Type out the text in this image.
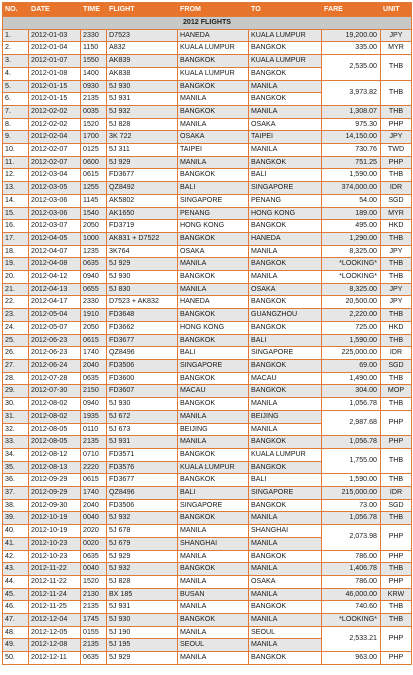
NO.	DATE	TIME	FLIGHT	FROM	TO	FARE	UNIT
2012 FLIGHTS							
1.	2012-01-03	2330	D7523	HANEDA	KUALA LUMPUR	19,200.00	JPY
2.	2012-01-04	1150	A832	KUALA LUMPUR	BANGKOK	335.00	MYR
3.	2012-01-07	1550	AK839	BANGKOK	KUALA LUMPUR	2,535.00	THB
4.	2012-01-08	1400	AK838	KUALA LUMPUR	BANGKOK		
5.	2012-01-15	0930	5J 930	BANGKOK	MANILA	3,973.82	THB
6.	2012-01-15	2135	5J 931	MANILA	BANGKOK		
7.	2012-02-02	0035	5J 932	BANGKOK	MANILA	1,308.07	THB
8.	2012-02-02	1520	5J 828	MANILA	OSAKA	975.30	PHP
9.	2012-02-04	1700	3K 722	OSAKA	TAIPEI	14,150.00	JPY
10.	2012-02-07	0125	5J 311	TAIPEI	MANILA	730.76	TWD
11.	2012-02-07	0600	5J 929	MANILA	BANGKOK	751.25	PHP
12.	2012-03-04	0615	FD3677	BANGKOK	BALI	1,590.00	THB
13.	2012-03-05	1255	QZ8492	BALI	SINGAPORE	374,000.00	IDR
14.	2012-03-06	1145	AK5802	SINGAPORE	PENANG	54.00	SGD
15.	2012-03-06	1540	AK1650	PENANG	HONG KONG	189.00	MYR
16.	2012-03-07	2050	FD3719	HONG KONG	BANGKOK	495.00	HKD
17.	2012-04-05	1000	AK831 + D7522	BANGKOK	HANEDA	1,290.00	THB
18.	2012-04-07	1235	3K764	OSAKA	MANILA	8,325.00	JPY
19.	2012-04-08	0635	5J 929	MANILA	BANGKOK	*LOOKING*	THB
20.	2012-04-12	0940	5J 930	BANGKOK	MANILA	*LOOKING*	THB
21.	2012-04-13	0655	5J 830	MANILA	OSAKA	8,325.00	JPY
22.	2012-04-17	2330	D7523 + AK832	HANEDA	BANGKOK	20,500.00	JPY
23.	2012-05-04	1910	FD3648	BANGKOK	GUANGZHOU	2,220.00	THB
24.	2012-05-07	2050	FD3662	HONG KONG	BANGKOK	725.00	HKD
25.	2012-06-23	0615	FD3677	BANGKOK	BALI	1,590.00	THB
26.	2012-06-23	1740	QZ8496	BALI	SINGAPORE	225,000.00	IDR
27.	2012-06-24	2040	FD3506	SINGAPORE	BANGKOK	69.00	SGD
28.	2012-07-28	0635	FD3600	BANGKOK	MACAU	1,490.00	THB
29.	2012-07-30	2150	FD3607	MACAU	BANGKOK	304.00	MOP
30.	2012-08-02	0940	5J 930	BANGKOK	MANILA	1,056.78	THB
31.	2012-08-02	1935	5J 672	MANILA	BEIJING	2,987.68	PHP
32.	2012-08-05	0110	5J 673	BEIJING	MANILA		
33.	2012-08-05	2135	5J 931	MANILA	BANGKOK	1,056.78	PHP
34.	2012-08-12	0710	FD3571	BANGKOK	KUALA LUMPUR	1,755.00	THB
35.	2012-08-13	2220	FD3576	KUALA LUMPUR	BANGKOK		
36.	2012-09-29	0615	FD3677	BANGKOK	BALI	1,590.00	THB
37.	2012-09-29	1740	QZ8496	BALI	SINGAPORE	215,000.00	IDR
38.	2012-09-30	2040	FD3506	SINGAPORE	BANGKOK	73.00	SGD
39.	2012-10-19	0040	5J 932	BANGKOK	MANILA	1,056.78	THB
40.	2012-10-19	2020	5J 678	MANILA	SHANGHAI	2,073.98	PHP
41.	2012-10-23	0020	5J 679	SHANGHAI	MANILA		
42.	2012-10-23	0635	5J 929	MANILA	BANGKOK	786.00	PHP
43.	2012-11-22	0040	5J 932	BANGKOK	MANILA	1,406.78	THB
44.	2012-11-22	1520	5J 828	MANILA	OSAKA	786.00	PHP
45.	2012-11-24	2130	BX 185	BUSAN	MANILA	46,000.00	KRW
46.	2012-11-25	2135	5J 931	MANILA	BANGKOK	740.60	THB
47.	2012-12-04	1745	5J 930	BANGKOK	MANILA	*LOOKING*	THB
48.	2012-12-05	0155	5J 190	MANILA	SEOUL	2,533.21	PHP
49.	2012-12-08	2135	5J 195	SEOUL	MANILA		
50.	2012-12-11	0635	5J 929	MANILA	BANGKOK	963.00	PHP
